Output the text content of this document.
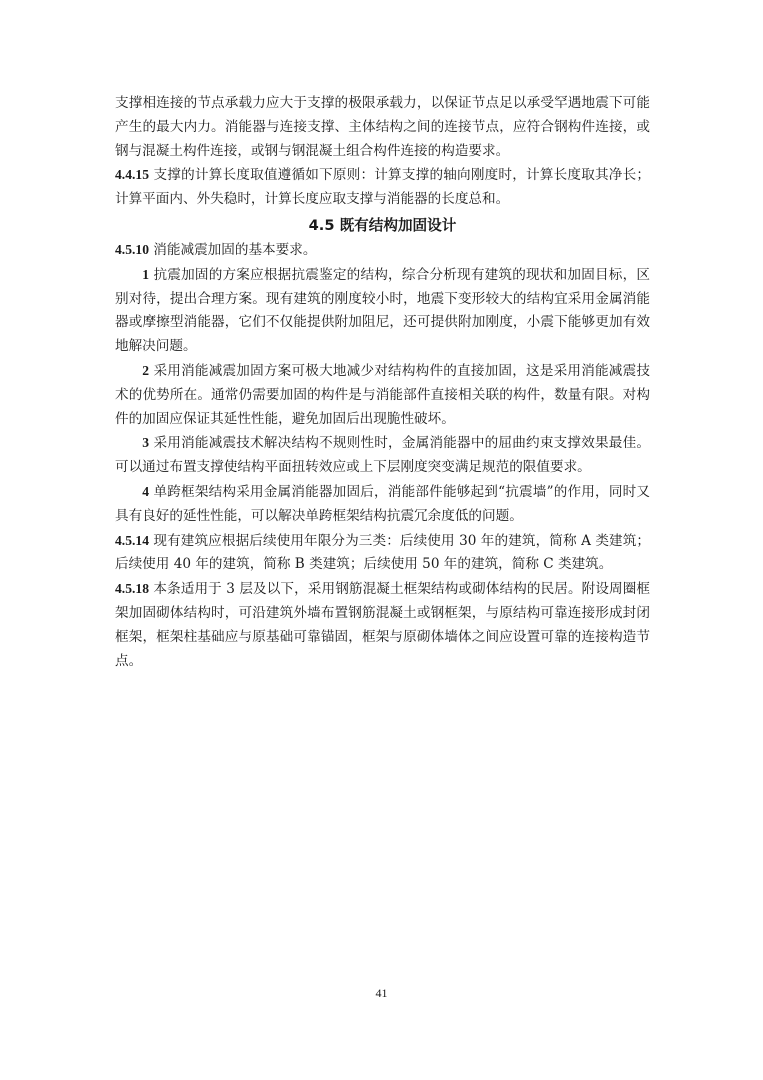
支撑相连接的节点承载力应大于支撑的极限承载力，以保证节点足以承受罕遇地震下可能产生的最大内力。消能器与连接支撑、主体结构之间的连接节点，应符合钢构件连接，或钢与混凝土构件连接，或钢与钢混凝土组合构件连接的构造要求。

4.4.15 支撑的计算长度取值遵循如下原则：计算支撑的轴向刚度时，计算长度取其净长；计算平面内、外失稳时，计算长度应取支撑与消能器的长度总和。

4.5 既有结构加固设计

4.5.10 消能减震加固的基本要求。

1 抗震加固的方案应根据抗震鉴定的结构，综合分析现有建筑的现状和加固目标，区别对待，提出合理方案。现有建筑的刚度较小时，地震下变形较大的结构宜采用金属消能器或摩擦型消能器，它们不仅能提供附加阻尼，还可提供附加刚度，小震下能够更加有效地解决问题。

2 采用消能减震加固方案可极大地减少对结构构件的直接加固，这是采用消能减震技术的优势所在。通常仍需要加固的构件是与消能部件直接相关联的构件，数量有限。对构件的加固应保证其延性性能，避免加固后出现脆性破坏。

3 采用消能减震技术解决结构不规则性时，金属消能器中的屈曲约束支撑效果最佳。可以通过布置支撑使结构平面扭转效应或上下层刚度突变满足规范的限值要求。

4 单跨框架结构采用金属消能器加固后，消能部件能够起到“抗震墙”的作用，同时又具有良好的延性性能，可以解决单跨框架结构抗震冗余度低的问题。

4.5.14 现有建筑应根据后续使用年限分为三类：后续使用 30 年的建筑，简称 A 类建筑；后续使用 40 年的建筑，简称 B 类建筑；后续使用 50 年的建筑，简称 C 类建筑。

4.5.18 本条适用于 3 层及以下，采用钢筋混凝土框架结构或砌体结构的民居。附设周圈框架加固砌体结构时，可沿建筑外墙布置钢筋混凝土或钢框架，与原结构可靠连接形成封闭框架，框架柱基础应与原基础可靠锚固，框架与原砌体墙体之间应设置可靠的连接构造节点。

41
